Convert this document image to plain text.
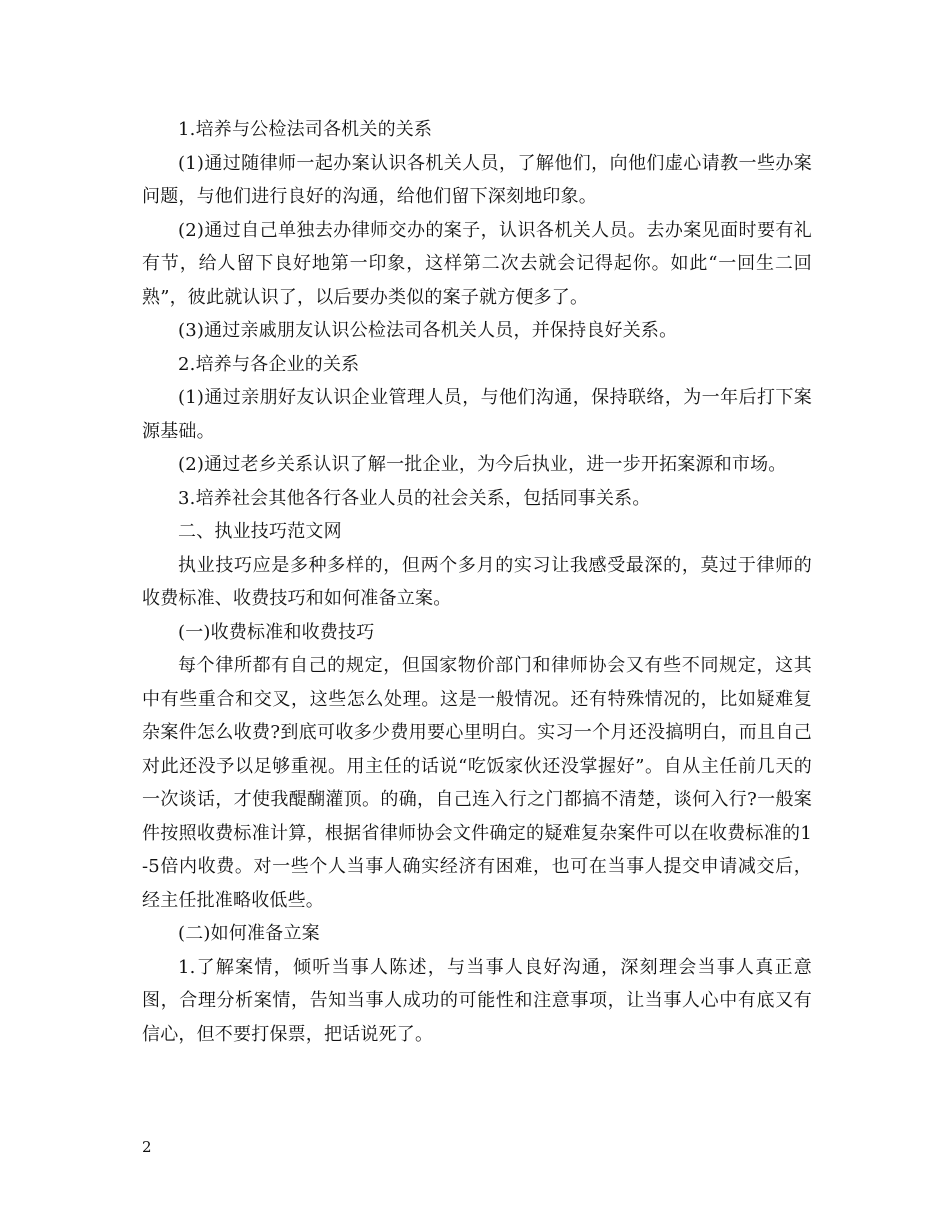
1.培养与公检法司各机关的关系

(1)通过随律师一起办案认识各机关人员，了解他们，向他们虚心请教一些办案问题，与他们进行良好的沟通，给他们留下深刻地印象。

(2)通过自己单独去办律师交办的案子，认识各机关人员。去办案见面时要有礼有节，给人留下良好地第一印象，这样第二次去就会记得起你。如此“一回生二回熟”，彼此就认识了，以后要办类似的案子就方便多了。

(3)通过亲戚朋友认识公检法司各机关人员，并保持良好关系。

2.培养与各企业的关系

(1)通过亲朋好友认识企业管理人员，与他们沟通，保持联络，为一年后打下案源基础。

(2)通过老乡关系认识了解一批企业，为今后执业，进一步开拓案源和市场。

3.培养社会其他各行各业人员的社会关系，包括同事关系。

二、执业技巧范文网

执业技巧应是多种多样的，但两个多月的实习让我感受最深的，莫过于律师的收费标准、收费技巧和如何准备立案。

(一)收费标准和收费技巧

每个律所都有自己的规定，但国家物价部门和律师协会又有些不同规定，这其中有些重合和交叉，这些怎么处理。这是一般情况。还有特殊情况的，比如疑难复杂案件怎么收费?到底可收多少费用要心里明白。实习一个月还没搞明白，而且自己对此还没予以足够重视。用主任的话说“吃饭家伙还没掌握好”。自从主任前几天的一次谈话，才使我醍醐灌顶。的确，自己连入行之门都搞不清楚，谈何入行?一般案件按照收费标准计算，根据省律师协会文件确定的疑难复杂案件可以在收费标准的1-5倍内收费。对一些个人当事人确实经济有困难，也可在当事人提交申请减交后，经主任批准略收低些。

(二)如何准备立案

1.了解案情，倾听当事人陈述，与当事人良好沟通，深刻理会当事人真正意图，合理分析案情，告知当事人成功的可能性和注意事项，让当事人心中有底又有信心，但不要打保票，把话说死了。

2
